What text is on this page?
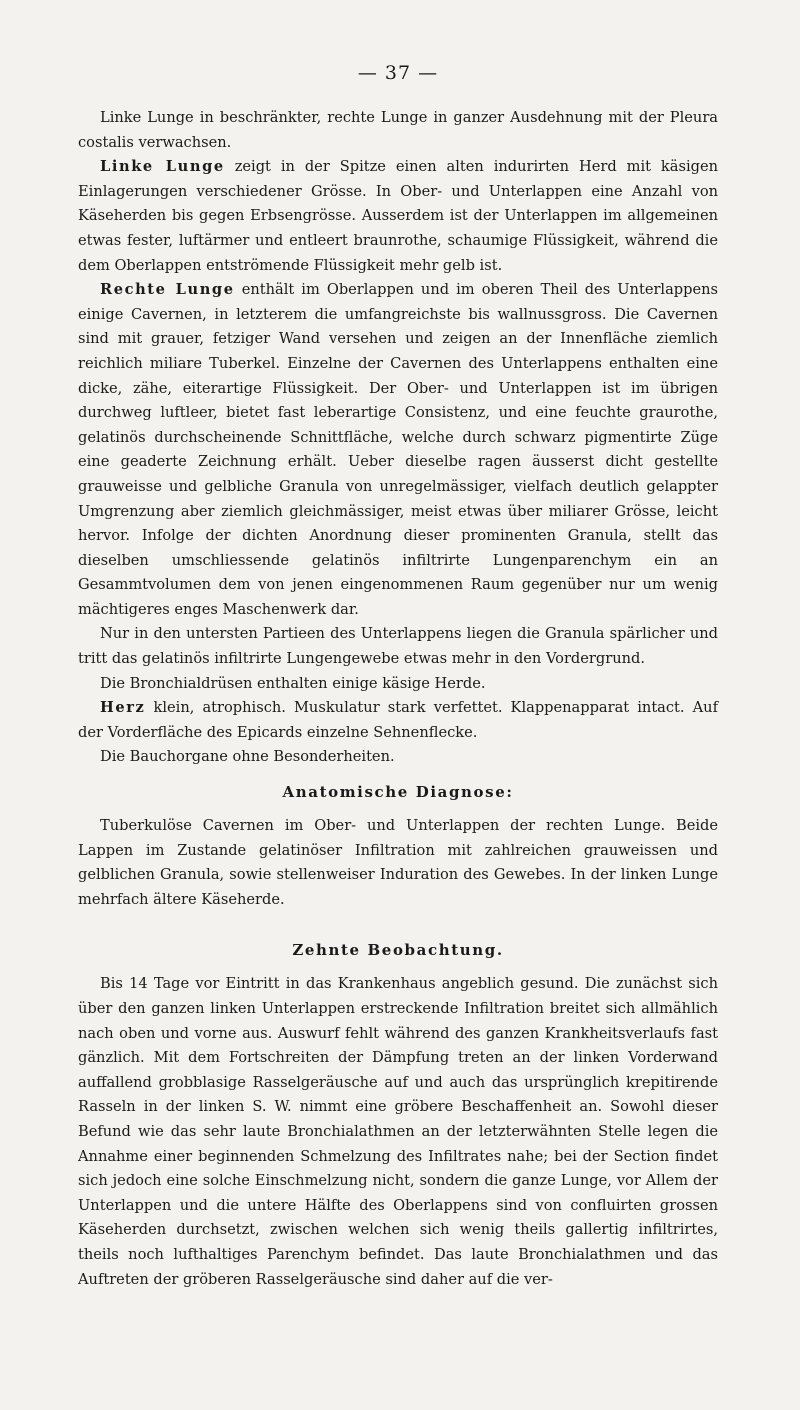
— 37 —

Linke Lunge in beschränkter, rechte Lunge in ganzer Ausdehnung mit der Pleura costalis verwachsen.

Linke Lunge zeigt in der Spitze einen alten indurirten Herd mit käsigen Einlagerungen verschiedener Grösse. In Ober- und Unterlappen eine Anzahl von Käseherden bis gegen Erbsengrösse. Ausserdem ist der Unterlappen im allgemeinen etwas fester, luftärmer und entleert braunrothe, schaumige Flüssigkeit, während die dem Oberlappen entströmende Flüssigkeit mehr gelb ist.

Rechte Lunge enthält im Oberlappen und im oberen Theil des Unterlappens einige Cavernen, in letzterem die umfangreichste bis wallnussgross. Die Cavernen sind mit grauer, fetziger Wand versehen und zeigen an der Innenfläche ziemlich reichlich miliare Tuberkel. Einzelne der Cavernen des Unterlappens enthalten eine dicke, zähe, eiterartige Flüssigkeit. Der Ober- und Unterlappen ist im übrigen durchweg luftleer, bietet fast leberartige Consistenz, und eine feuchte graurothe, gelatinös durchscheinende Schnittfläche, welche durch schwarz pigmentirte Züge eine geaderte Zeichnung erhält. Ueber dieselbe ragen äusserst dicht gestellte grauweisse und gelbliche Granula von unregelmässiger, vielfach deutlich gelappter Umgrenzung aber ziemlich gleichmässiger, meist etwas über miliarer Grösse, leicht hervor. Infolge der dichten Anordnung dieser prominenten Granula, stellt das dieselben umschliessende gelatinös infiltrirte Lungenparenchym ein an Gesammtvolumen dem von jenen eingenommenen Raum gegenüber nur um wenig mächtigeres enges Maschenwerk dar.

Nur in den untersten Partieen des Unterlappens liegen die Granula spärlicher und tritt das gelatinös infiltrirte Lungengewebe etwas mehr in den Vordergrund.

Die Bronchialdrüsen enthalten einige käsige Herde.

Herz klein, atrophisch. Muskulatur stark verfettet. Klappenapparat intact. Auf der Vorderfläche des Epicards einzelne Sehnenflecke.

Die Bauchorgane ohne Besonderheiten.

Anatomische Diagnose:

Tuberkulöse Cavernen im Ober- und Unterlappen der rechten Lunge. Beide Lappen im Zustande gelatinöser Infiltration mit zahlreichen grauweissen und gelblichen Granula, sowie stellenweiser Induration des Gewebes. In der linken Lunge mehrfach ältere Käseherde.

Zehnte Beobachtung.

Bis 14 Tage vor Eintritt in das Krankenhaus angeblich gesund. Die zunächst sich über den ganzen linken Unterlappen erstreckende Infiltration breitet sich allmählich nach oben und vorne aus. Auswurf fehlt während des ganzen Krankheitsverlaufs fast gänzlich. Mit dem Fortschreiten der Dämpfung treten an der linken Vorderwand auffallend grobblasige Rasselgeräusche auf und auch das ursprünglich krepitirende Rasseln in der linken S. W. nimmt eine gröbere Beschaffenheit an. Sowohl dieser Befund wie das sehr laute Bronchialathmen an der letzterwähnten Stelle legen die Annahme einer beginnenden Schmelzung des Infiltrates nahe; bei der Section findet sich jedoch eine solche Einschmelzung nicht, sondern die ganze Lunge, vor Allem der Unterlappen und die untere Hälfte des Oberlappens sind von confluirten grossen Käseherden durchsetzt, zwischen welchen sich wenig theils gallertig infiltrirtes, theils noch lufthaltiges Parenchym befindet. Das laute Bronchialathmen und das Auftreten der gröberen Rasselgeräusche sind daher auf die ver-
